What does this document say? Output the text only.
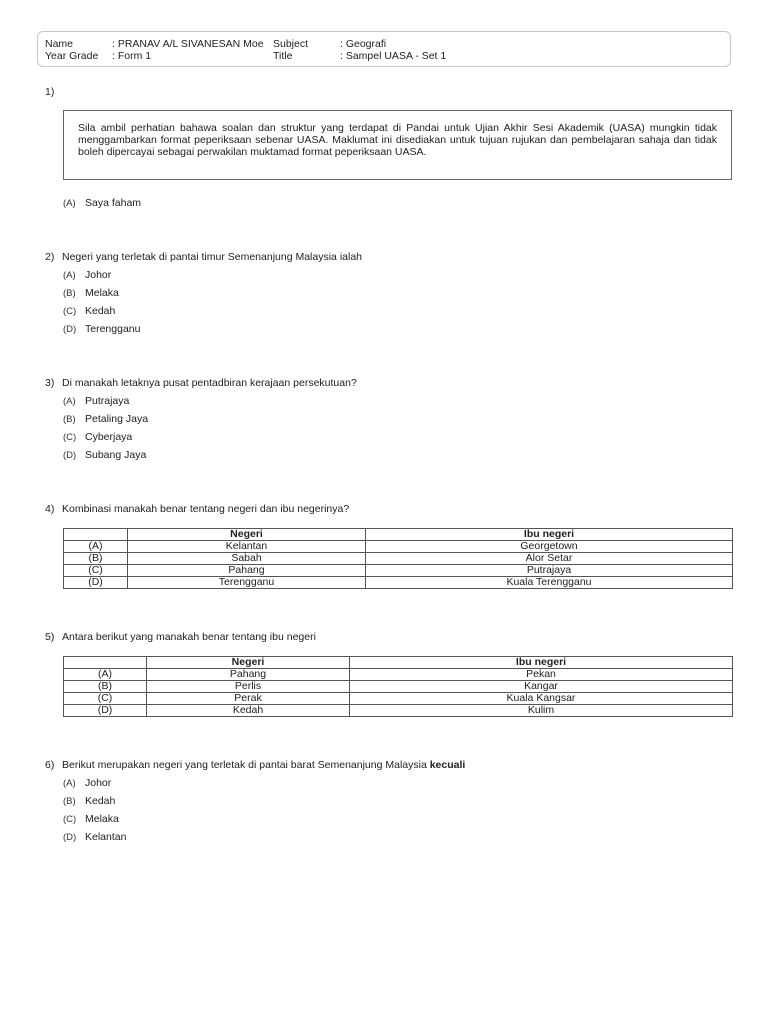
Name	: PRANAV A/L SIVANESAN Moe Subject	: Geografi
Year Grade : Form 1	Title	: Sampel UASA - Set 1
1)
Sila ambil perhatian bahawa soalan dan struktur yang terdapat di Pandai untuk Ujian Akhir Sesi Akademik (UASA) mungkin tidak menggambarkan format peperiksaan sebenar UASA. Maklumat ini disediakan untuk tujuan rujukan dan pembelajaran sahaja dan tidak boleh dipercayai sebagai perwakilan muktamad format peperiksaan UASA.
(A) Saya faham
2) Negeri yang terletak di pantai timur Semenanjung Malaysia ialah
(A) Johor
(B) Melaka
(C) Kedah
(D) Terengganu
3) Di manakah letaknya pusat pentadbiran kerajaan persekutuan?
(A) Putrajaya
(B) Petaling Jaya
(C) Cyberjaya
(D) Subang Jaya
4) Kombinasi manakah benar tentang negeri dan ibu negerinya?
	Negeri	Ibu negeri
(A)	Kelantan	Georgetown
(B)	Sabah	Alor Setar
(C)	Pahang	Putrajaya
(D)	Terengganu	Kuala Terengganu
5) Antara berikut yang manakah benar tentang ibu negeri
	Negeri	Ibu negeri
(A)	Pahang	Pekan
(B)	Perlis	Kangar
(C)	Perak	Kuala Kangsar
(D)	Kedah	Kulim
6) Berikut merupakan negeri yang terletak di pantai barat Semenanjung Malaysia kecuali
(A) Johor
(B) Kedah
(C) Melaka
(D) Kelantan
